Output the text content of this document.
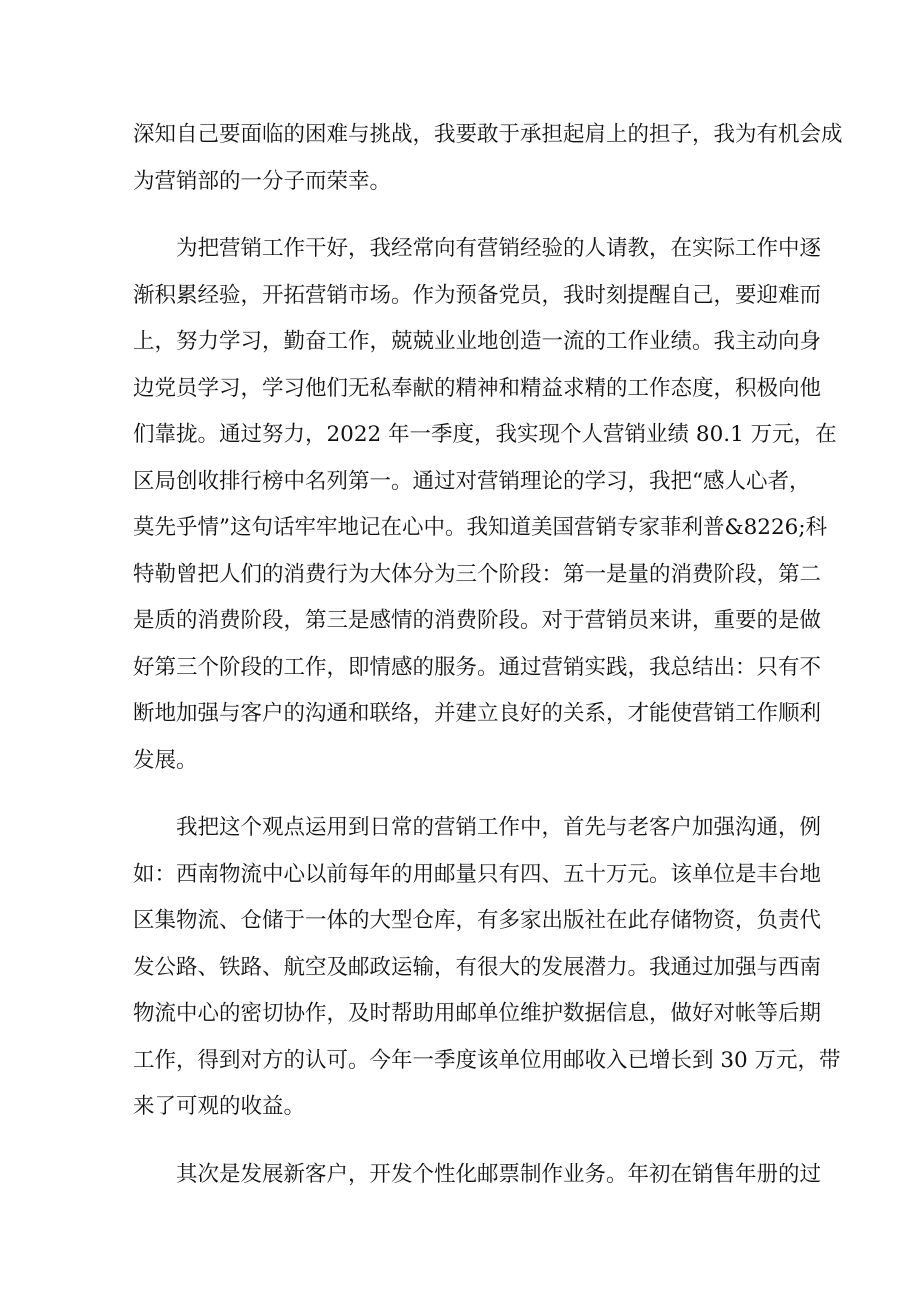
深知自己要面临的困难与挑战，我要敢于承担起肩上的担子，我为有机会成
为营销部的一分子而荣幸。

为把营销工作干好，我经常向有营销经验的人请教，在实际工作中逐
渐积累经验，开拓营销市场。作为预备党员，我时刻提醒自己，要迎难而
上，努力学习，勤奋工作，兢兢业业地创造一流的工作业绩。我主动向身
边党员学习，学习他们无私奉献的精神和精益求精的工作态度，积极向他
们靠拢。通过努力，2022 年一季度，我实现个人营销业绩 80.1 万元，在
区局创收排行榜中名列第一。通过对营销理论的学习，我把“感人心者，
莫先乎情”这句话牢牢地记在心中。我知道美国营销专家菲利普&8226;科
特勒曾把人们的消费行为大体分为三个阶段：第一是量的消费阶段，第二
是质的消费阶段，第三是感情的消费阶段。对于营销员来讲，重要的是做
好第三个阶段的工作，即情感的服务。通过营销实践，我总结出：只有不
断地加强与客户的沟通和联络，并建立良好的关系，才能使营销工作顺利
发展。

我把这个观点运用到日常的营销工作中，首先与老客户加强沟通，例
如：西南物流中心以前每年的用邮量只有四、五十万元。该单位是丰台地
区集物流、仓储于一体的大型仓库，有多家出版社在此存储物资，负责代
发公路、铁路、航空及邮政运输，有很大的发展潜力。我通过加强与西南
物流中心的密切协作，及时帮助用邮单位维护数据信息，做好对帐等后期
工作，得到对方的认可。今年一季度该单位用邮收入已增长到 30 万元，带
来了可观的收益。

其次是发展新客户，开发个性化邮票制作业务。年初在销售年册的过
